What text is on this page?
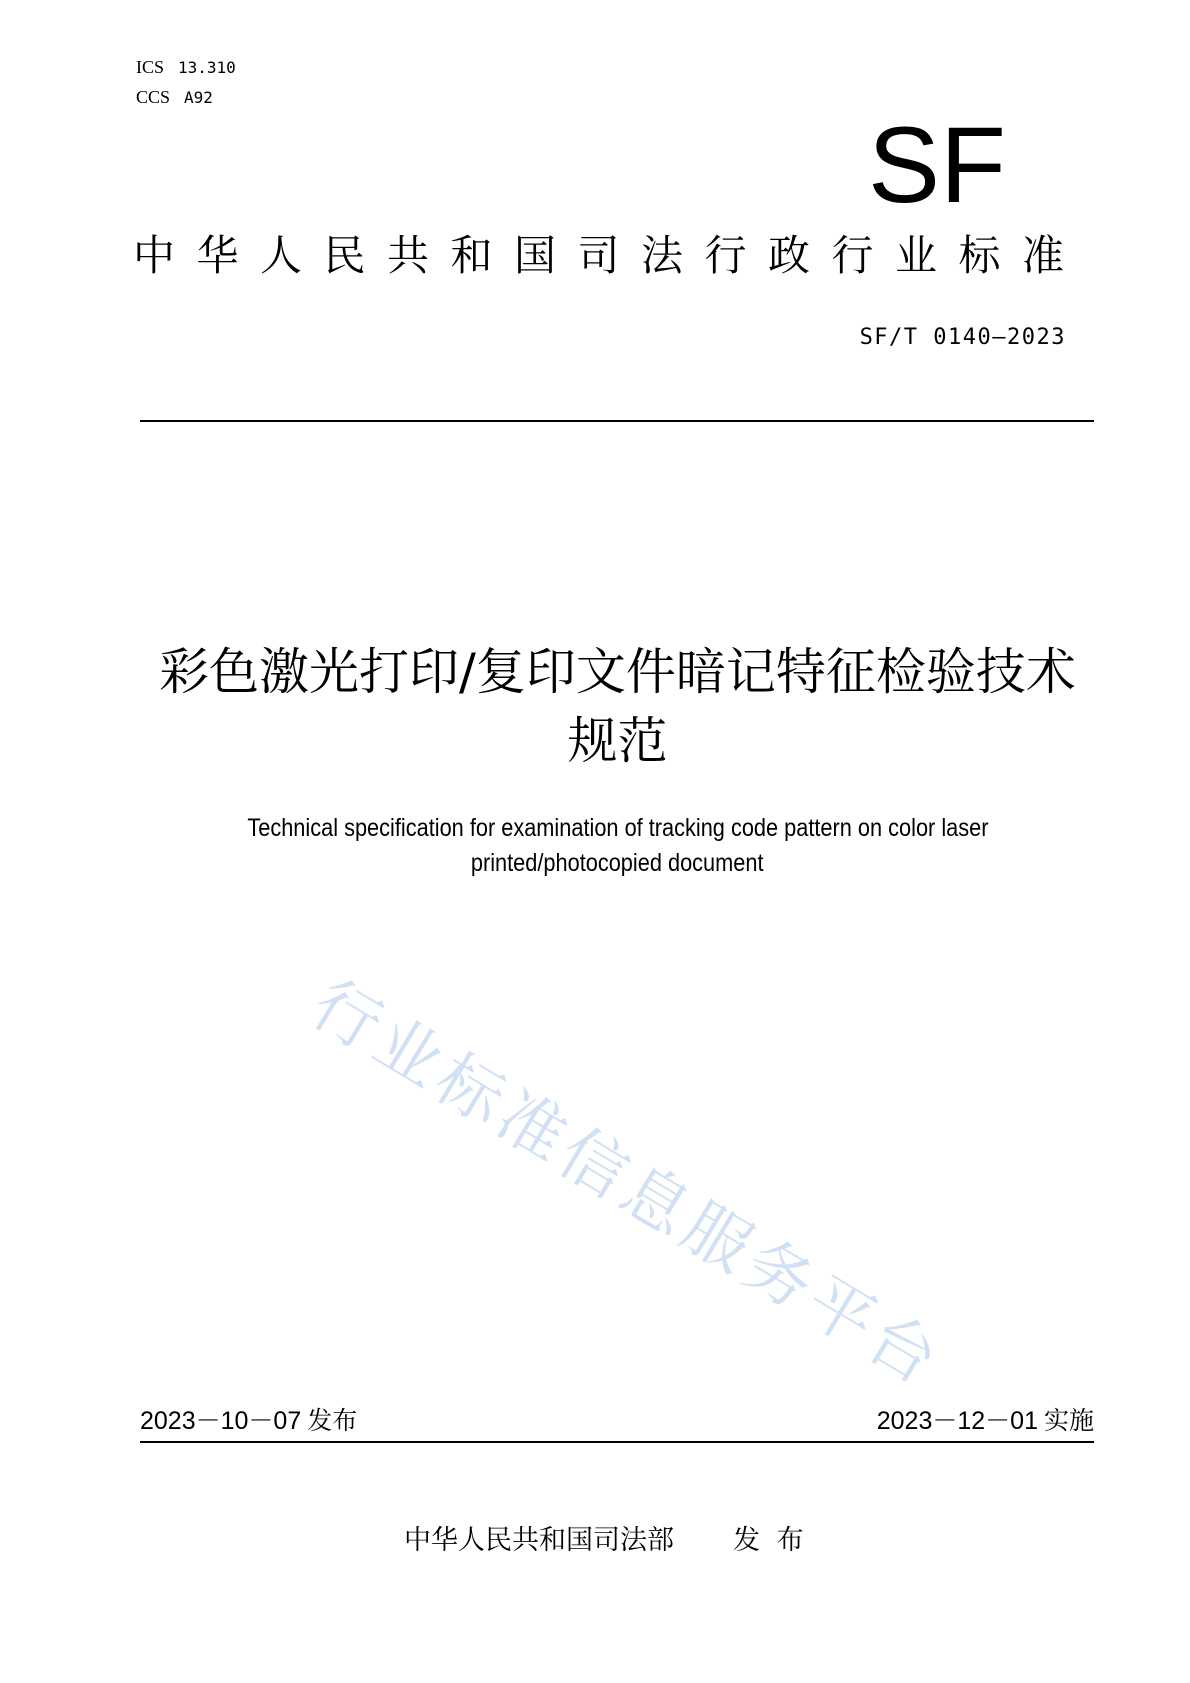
ICS 13.310
CCS A92
SF
中华人民共和国司法行政行业标准
SF/T 0140—2023
彩色激光打印/复印文件暗记特征检验技术
规范
Technical specification for examination of tracking code pattern on color laser
printed/photocopied document
行业标准信息服务平台
2023－10－07 发布	2023－12－01 实施
中华人民共和国司法部 发 布
